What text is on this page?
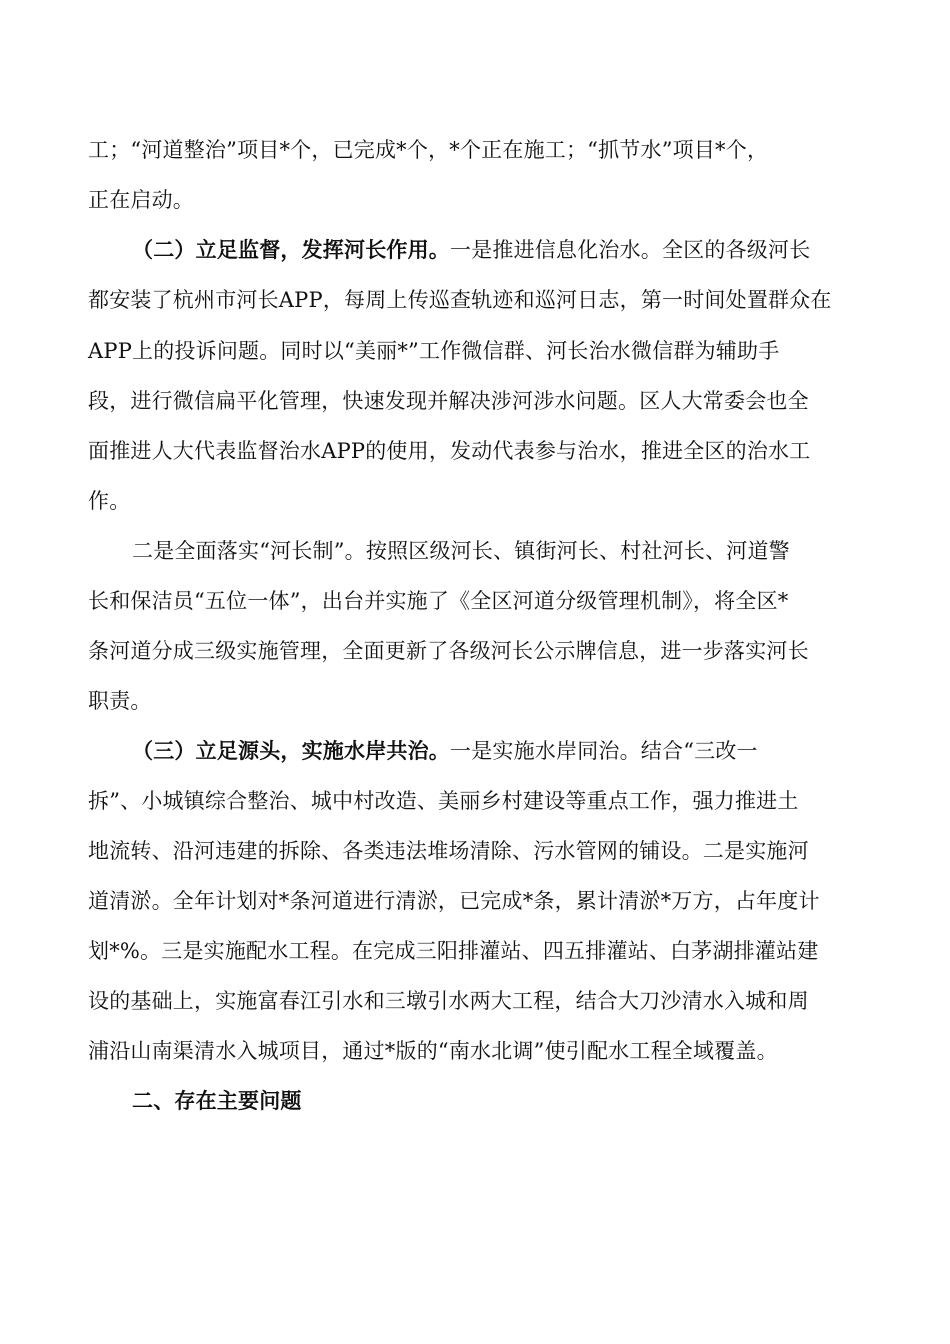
工；“河道整治”项目*个，已完成*个，*个正在施工；“抓节水”项目*个，
正在启动。
（二）立足监督，发挥河长作用。一是推进信息化治水。全区的各级河长
都安装了杭州市河长APP，每周上传巡查轨迹和巡河日志，第一时间处置群众在
APP上的投诉问题。同时以“美丽*”工作微信群、河长治水微信群为辅助手
段，进行微信扁平化管理，快速发现并解决涉河涉水问题。区人大常委会也全
面推进人大代表监督治水APP的使用，发动代表参与治水，推进全区的治水工
作。
二是全面落实“河长制”。按照区级河长、镇街河长、村社河长、河道警
长和保洁员“五位一体”，出台并实施了《全区河道分级管理机制》，将全区*
条河道分成三级实施管理，全面更新了各级河长公示牌信息，进一步落实河长
职责。
（三）立足源头，实施水岸共治。一是实施水岸同治。结合“三改一
拆”、小城镇综合整治、城中村改造、美丽乡村建设等重点工作，强力推进土
地流转、沿河违建的拆除、各类违法堆场清除、污水管网的铺设。二是实施河
道清淤。全年计划对*条河道进行清淤，已完成*条，累计清淤*万方，占年度计
划*%。三是实施配水工程。在完成三阳排灌站、四五排灌站、白茅湖排灌站建
设的基础上，实施富春江引水和三墩引水两大工程，结合大刀沙清水入城和周
浦沿山南渠清水入城项目，通过*版的“南水北调”使引配水工程全域覆盖。
二、存在主要问题
